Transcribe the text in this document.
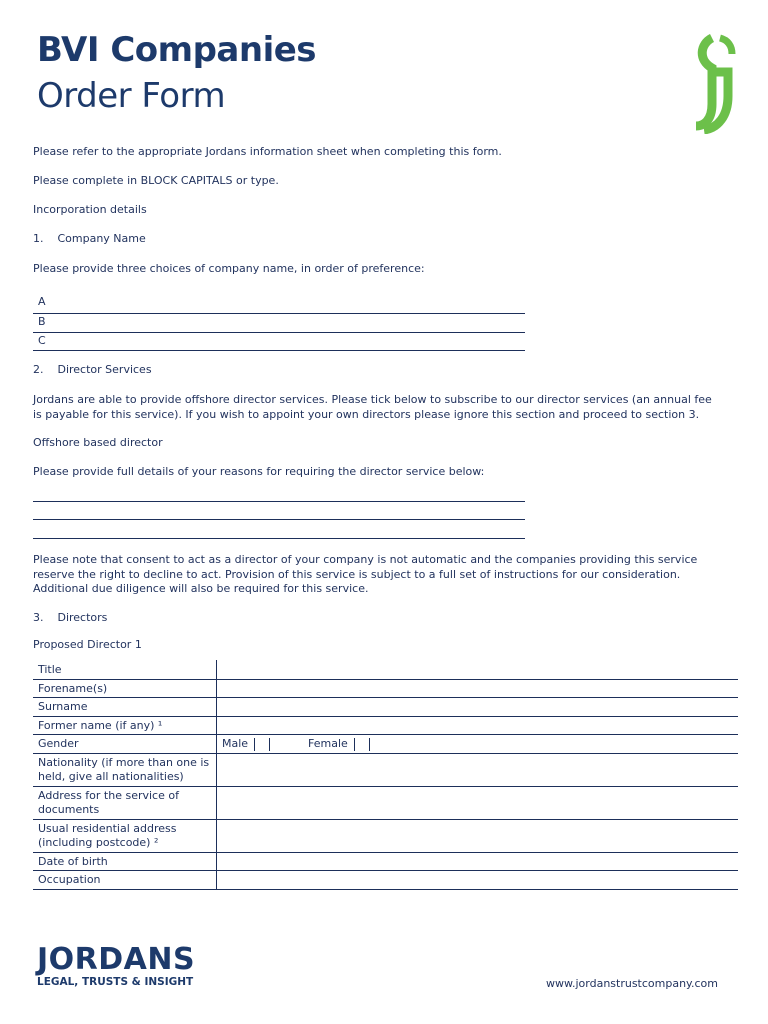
BVI Companies
Order Form
Please refer to the appropriate Jordans information sheet when completing this form.
Please complete in BLOCK CAPITALS or type.
Incorporation details
1.    Company Name
Please provide three choices of company name, in order of preference:
A
B
C
2.    Director Services
Jordans are able to provide offshore director services. Please tick below to subscribe to our director services (an annual fee is payable for this service). If you wish to appoint your own directors please ignore this section and proceed to section 3.
Offshore based director
Please provide full details of your reasons for requiring the director service below:
Please note that consent to act as a director of your company is not automatic and the companies providing this service reserve the right to decline to act. Provision of this service is subject to a full set of instructions for our consideration. Additional due diligence will also be required for this service.
3.    Directors
Proposed Director 1
Title	
Forename(s)	
Surname	
Former name (if any) ¹	
Gender	Male Female

Nationality (if more than one is held, give all nationalities)	
Address for the service of documents	
Usual residential address (including postcode) ²	
Date of birth	
Occupation	
JORDANS
LEGAL, TRUSTS & INSIGHT	www.jordanstrustcompany.com
